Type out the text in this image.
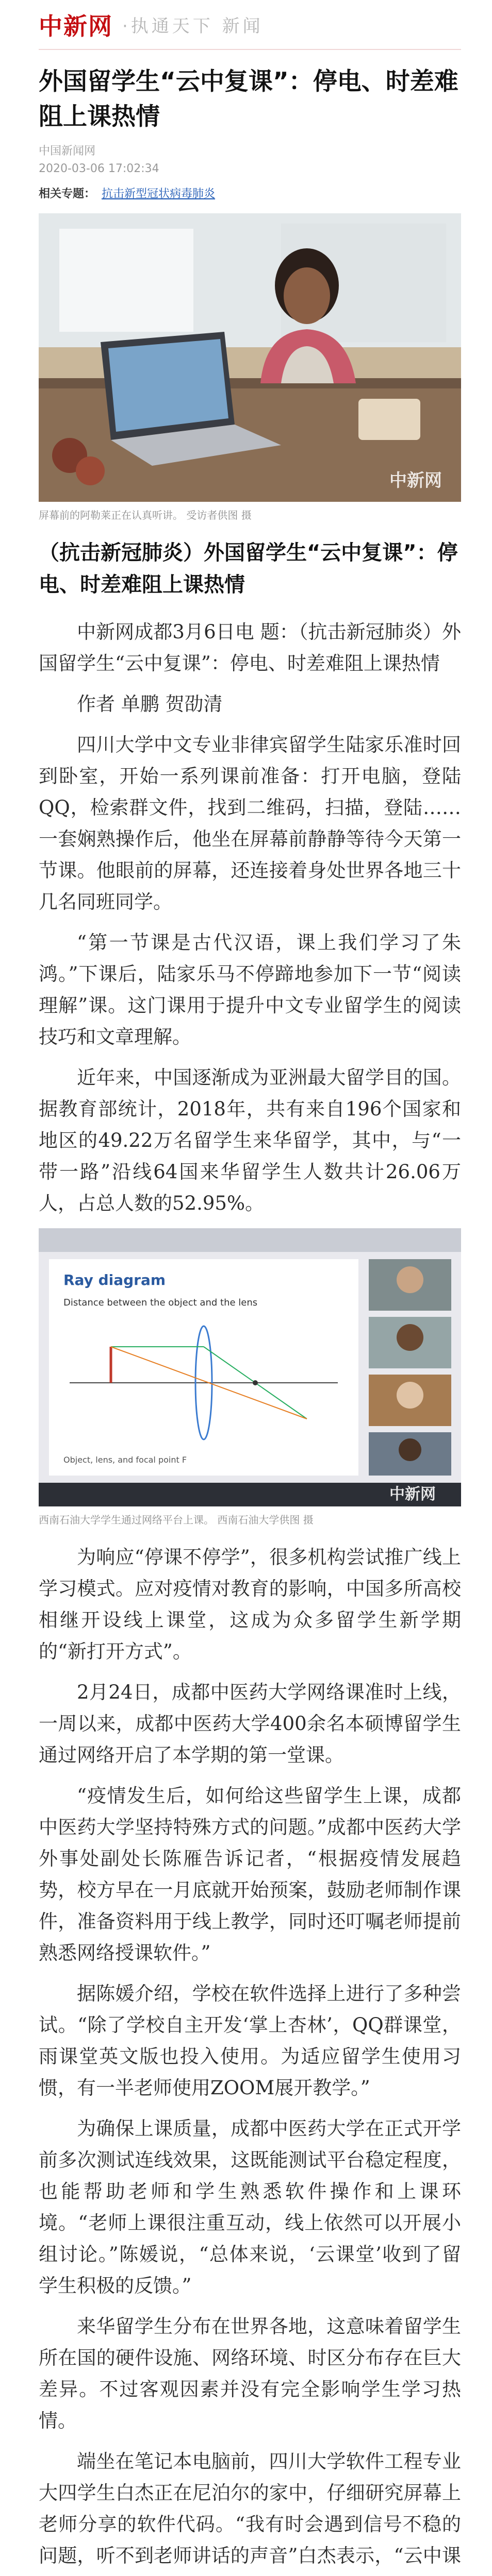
中新网 ·执通天下 新闻
外国留学生“云中复课”：停电、时差难阻上课热情
中国新闻网
2020-03-06 17:02:34
相关专题： 抗击新型冠状病毒肺炎
中新网
屏幕前的阿勒莱正在认真听讲。 受访者供图 摄
（抗击新冠肺炎）外国留学生“云中复课”：停电、时差难阻上课热情

中新网成都3月6日电 题：（抗击新冠肺炎）外国留学生“云中复课”：停电、时差难阻上课热情

作者 单鹏 贺劭清

四川大学中文专业非律宾留学生陆家乐准时回到卧室，开始一系列课前准备：打开电脑，登陆QQ，检索群文件，找到二维码，扫描，登陆……一套娴熟操作后，他坐在屏幕前静静等待今天第一节课。他眼前的屏幕，还连接着身处世界各地三十几名同班同学。

“第一节课是古代汉语，课上我们学习了朱鸿。”下课后，陆家乐马不停蹄地参加下一节“阅读理解”课。这门课用于提升中文专业留学生的阅读技巧和文章理解。

近年来，中国逐渐成为亚洲最大留学目的国。据教育部统计，2018年，共有来自196个国家和地区的49.22万名留学生来华留学，其中，与“一带一路”沿线64国来华留学生人数共计26.06万人，占总人数的52.95%。

Ray diagram
Distance between the object and the lens
Object, lens, and focal point F
中新网
西南石油大学学生通过网络平台上课。 西南石油大学供图 摄

为响应“停课不停学”，很多机构尝试推广线上学习模式。应对疫情对教育的影响，中国多所高校相继开设线上课堂，这成为众多留学生新学期的“新打开方式”。

2月24日，成都中医药大学网络课准时上线，一周以来，成都中医药大学400余名本硕博留学生通过网络开启了本学期的第一堂课。

“疫情发生后，如何给这些留学生上课，成都中医药大学坚持特殊方式的问题。”成都中医药大学外事处副处长陈雁告诉记者，“根据疫情发展趋势，校方早在一月底就开始预案，鼓励老师制作课件，准备资料用于线上教学，同时还叮嘱老师提前熟悉网络授课软件。”

据陈媛介绍，学校在软件选择上进行了多种尝试。“除了学校自主开发‘掌上杏林’，QQ群课堂，雨课堂英文版也投入使用。为适应留学生使用习惯，有一半老师使用ZOOM展开教学。”

为确保上课质量，成都中医药大学在正式开学前多次测试连线效果，这既能测试平台稳定程度，也能帮助老师和学生熟悉软件操作和上课环境。“老师上课很注重互动，线上依然可以开展小组讨论。”陈媛说，“总体来说，‘云课堂’收到了留学生积极的反馈。”

来华留学生分布在世界各地，这意味着留学生所在国的硬件设施、网络环境、时区分布存在巨大差异。不过客观因素并没有完全影响学生学习热情。

端坐在笔记本电脑前，四川大学软件工程专业大四学生白杰正在尼泊尔的家中，仔细研究屏幕上老师分享的软件代码。“我有时会遇到信号不稳的问题，听不到老师讲话的声音”白杰表示，“云中课
